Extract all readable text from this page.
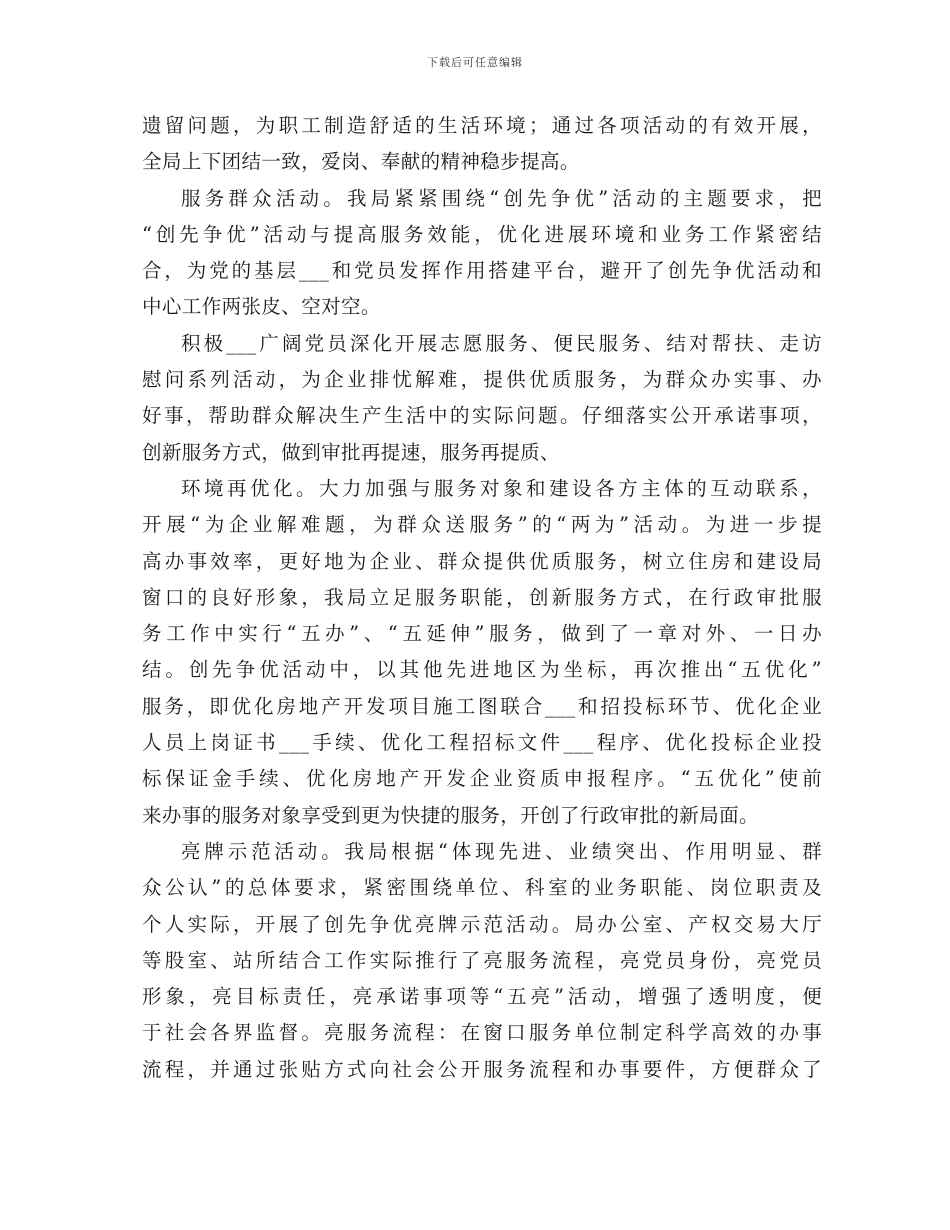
下载后可任意编辑
遗留问题，为职工制造舒适的生活环境；通过各项活动的有效开展，
全局上下团结一致，爱岗、奉献的精神稳步提高。
服务群众活动。我局紧紧围绕“创先争优”活动的主题要求，把
“创先争优”活动与提高服务效能，优化进展环境和业务工作紧密结
合，为党的基层___和党员发挥作用搭建平台，避开了创先争优活动和
中心工作两张皮、空对空。
积极___广阔党员深化开展志愿服务、便民服务、结对帮扶、走访
慰问系列活动，为企业排忧解难，提供优质服务，为群众办实事、办
好事，帮助群众解决生产生活中的实际问题。仔细落实公开承诺事项，
创新服务方式，做到审批再提速，服务再提质、
环境再优化。大力加强与服务对象和建设各方主体的互动联系，
开展“为企业解难题，为群众送服务”的“两为”活动。为进一步提
高办事效率，更好地为企业、群众提供优质服务，树立住房和建设局
窗口的良好形象，我局立足服务职能，创新服务方式，在行政审批服
务工作中实行“五办”、“五延伸”服务，做到了一章对外、一日办
结。创先争优活动中，以其他先进地区为坐标，再次推出“五优化”
服务，即优化房地产开发项目施工图联合___和招投标环节、优化企业
人员上岗证书___手续、优化工程招标文件___程序、优化投标企业投
标保证金手续、优化房地产开发企业资质申报程序。“五优化”使前
来办事的服务对象享受到更为快捷的服务，开创了行政审批的新局面。
亮牌示范活动。我局根据“体现先进、业绩突出、作用明显、群
众公认”的总体要求，紧密围绕单位、科室的业务职能、岗位职责及
个人实际，开展了创先争优亮牌示范活动。局办公室、产权交易大厅
等股室、站所结合工作实际推行了亮服务流程，亮党员身份，亮党员
形象，亮目标责任，亮承诺事项等“五亮”活动，增强了透明度，便
于社会各界监督。亮服务流程：在窗口服务单位制定科学高效的办事
流程，并通过张贴方式向社会公开服务流程和办事要件，方便群众了
